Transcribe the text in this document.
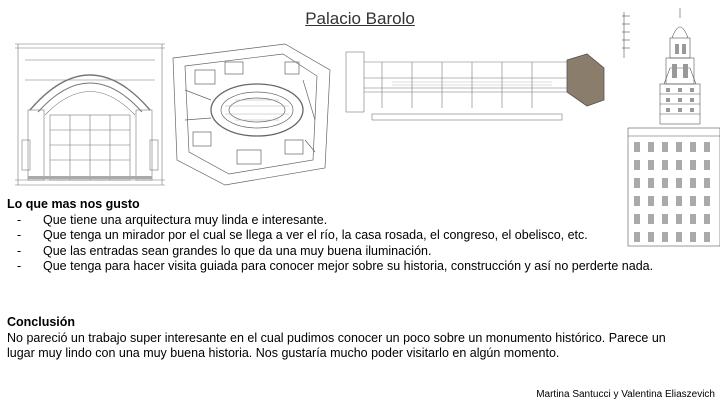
Palacio Barolo
Lo que mas nos gusto
-	Que tiene una arquitectura muy linda e interesante.
-	Que tenga un mirador por el cual se llega a ver el río, la casa rosada, el congreso, el obelisco, etc.
-	Que las entradas sean grandes lo que da una muy buena iluminación.
-	Que tenga para hacer visita guiada para conocer mejor sobre su historia, construcción y así no perderte nada.
Conclusión
No pareció un trabajo super interesante en el cual pudimos conocer un poco sobre un monumento histórico. Parece un lugar muy lindo con una muy buena historia. Nos gustaría mucho poder visitarlo en algún momento.
Martina Santucci y Valentina Eliaszevich
